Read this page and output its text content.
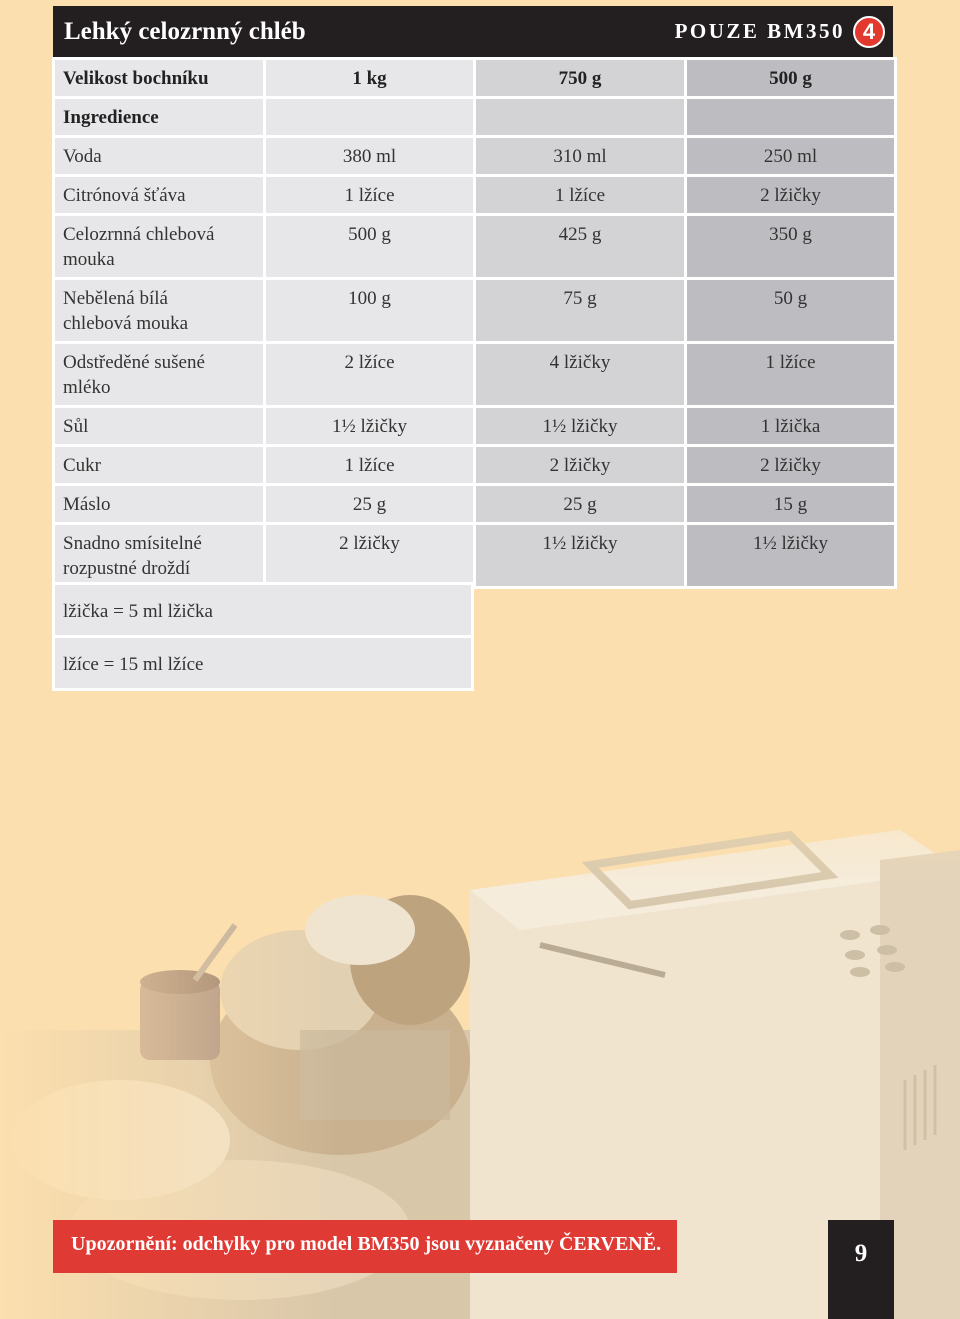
Lehký celozrnný chléb	POUZE BM350 4
Velikost bochníku	1 kg	750 g	500 g
Ingredience			
Voda	380 ml	310 ml	250 ml
Citrónová šťáva	1 lžíce	1 lžíce	2 lžičky
Celozrnná chlebová mouka	500 g	425 g	350 g
Nebělená bílá chlebová mouka	100 g	75 g	50 g
Odstředěné sušené mléko	2 lžíce	4 lžičky	1 lžíce
Sůl	1½ lžičky	1½ lžičky	1 lžička
Cukr	1 lžíce	2 lžičky	2 lžičky
Máslo	25 g	25 g	15 g
Snadno smísitelné rozpustné droždí	2 lžičky	1½ lžičky	1½ lžičky
lžička = 5 ml lžička
lžíce = 15 ml lžíce
Upozornění: odchylky pro model BM350 jsou vyznačeny ČERVENĚ.	9
